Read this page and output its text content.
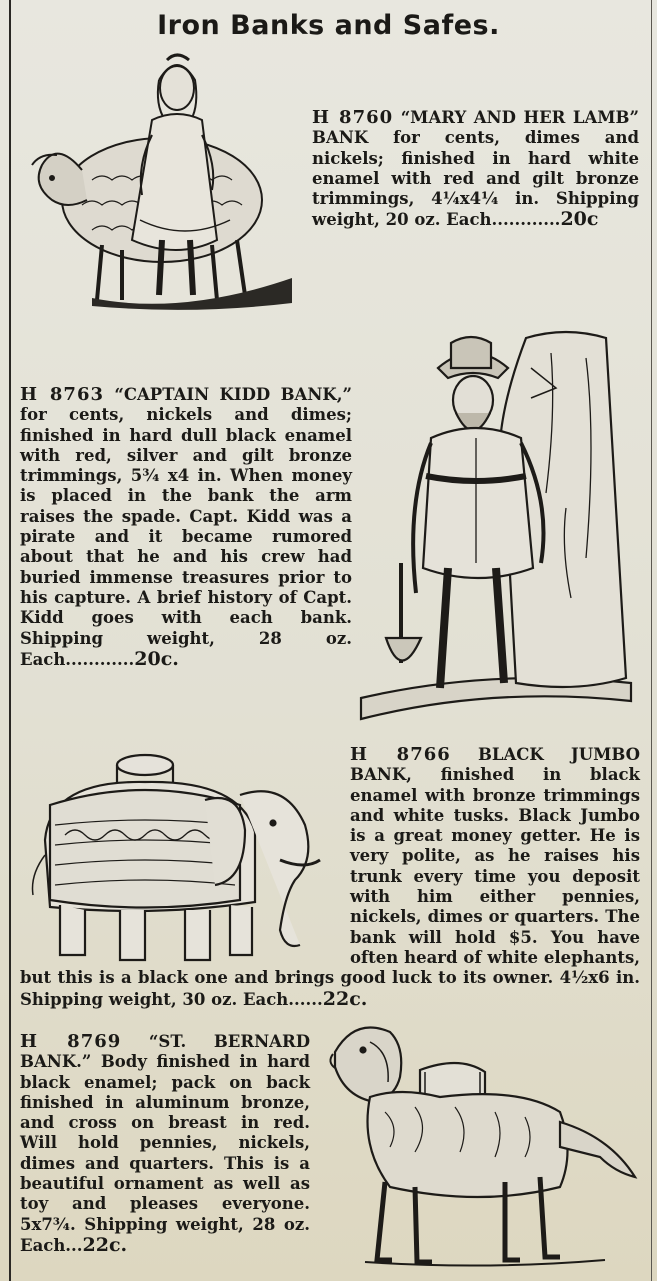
Iron Banks and Safes.

H 8760 “MARY AND HER LAMB” BANK for cents, dimes and nickels; finished in hard white enamel with red and gilt bronze trimmings, 4¼x4¼ in. Shipping weight, 20 oz. Each............20c

H 8763 “CAPTAIN KIDD BANK,” for cents, nickels and dimes; finished in hard dull black enamel with red, silver and gilt bronze trimmings, 5¾ x4 in. When money is placed in the bank the arm raises the spade. Capt. Kidd was a pirate and it became rumored about that he and his crew had buried immense treasures prior to his capture. A brief history of Capt. Kidd goes with each bank. Shipping weight, 28 oz. Each............20c.

H 8766 BLACK JUMBO BANK, finished in black enamel with bronze trimmings and white tusks. Black Jumbo is a great money getter. He is very polite, as he raises his trunk every time you deposit with him either pennies, nickels, dimes or quarters. The bank will hold $5. You have often heard of white elephants, but this is a black one and brings good luck to its owner. 4½x6 in. Shipping weight, 30 oz. Each......22c.

H 8769 “ST. BERNARD BANK.” Body finished in hard black enamel; pack on back finished in aluminum bronze, and cross on breast in red. Will hold pennies, nickels, dimes and quarters. This is a beautiful ornament as well as toy and pleases everyone. 5x7¾. Shipping weight, 28 oz. Each...22c.
